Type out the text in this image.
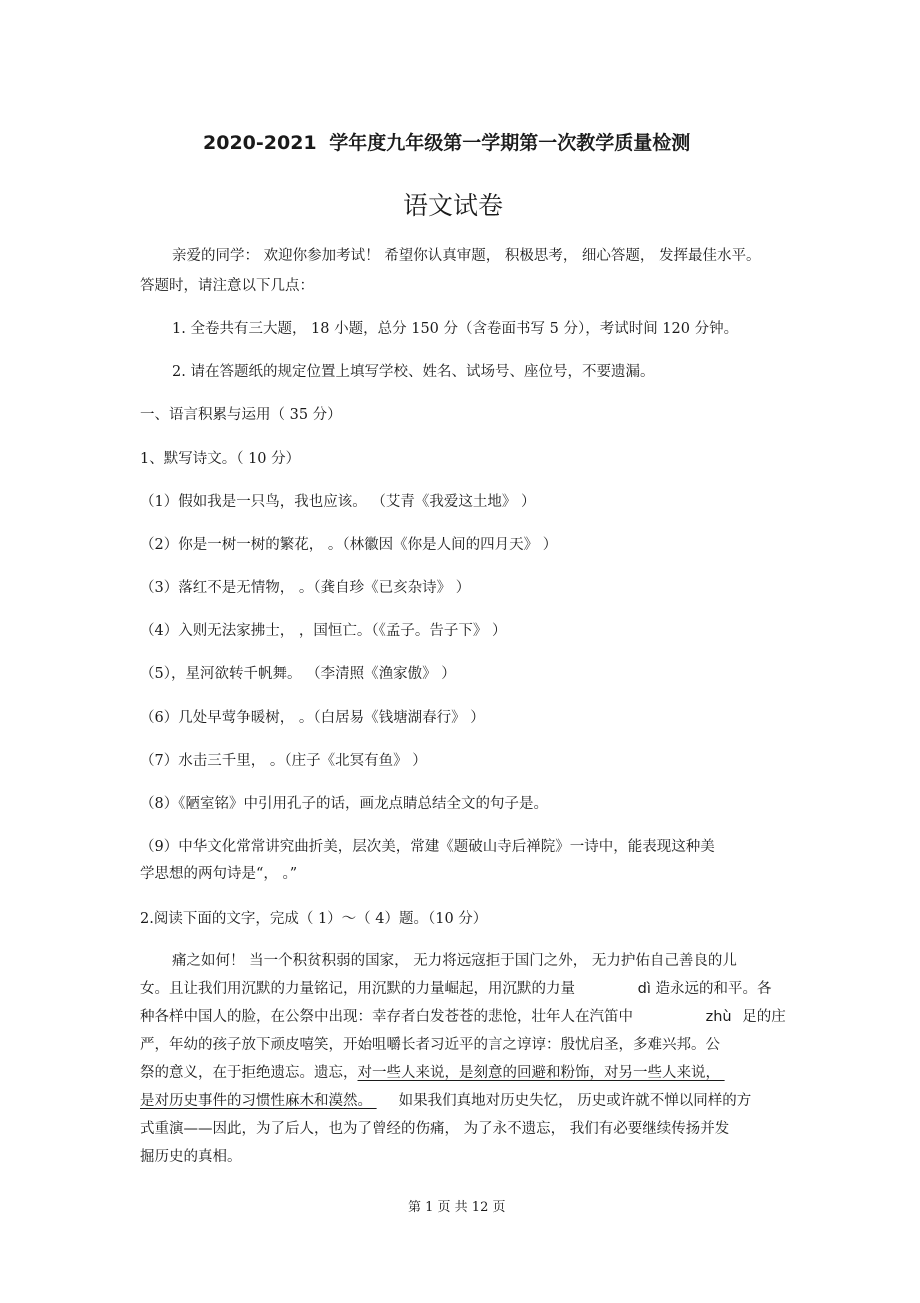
2020-2021 学年度九年级第一学期第一次教学质量检测
语文试卷
亲爱的同学： 欢迎你参加考试！ 希望你认真审题， 积极思考， 细心答题， 发挥最佳水平。
答题时，请注意以下几点：
1. 全卷共有三大题， 18 小题，总分 150 分（含卷面书写 5 分），考试时间 120 分钟。
2. 请在答题纸的规定位置上填写学校、姓名、试场号、座位号，不要遗漏。
一、语言积累与运用（ 35 分）
1、默写诗文。（ 10 分）
（1）假如我是一只鸟，我也应该。 （艾青《我爱这土地》 ）
（2）你是一树一树的繁花， 。（林徽因《你是人间的四月天》 ）
（3）落红不是无情物， 。（龚自珍《已亥杂诗》 ）
（4）入则无法家拂士， ，国恒亡。（《孟子。告子下》 ）
（5），星河欲转千帆舞。 （李清照《渔家傲》 ）
（6）几处早莺争暖树， 。（白居易《钱塘湖春行》 ）
（7）水击三千里， 。（庄子《北冥有鱼》 ）
（8）《陋室铭》中引用孔子的话，画龙点睛总结全文的句子是。
（9）中华文化常常讲究曲折美，层次美，常建《题破山寺后禅院》一诗中，能表现这种美
学思想的两句诗是“， 。”
2.阅读下面的文字，完成（ 1）～（ 4）题。（10 分）
痛之如何！ 当一个积贫积弱的国家， 无力将远寇拒于国门之外， 无力护佑自己善良的儿
女。且让我们用沉默的力量铭记，用沉默的力量崛起，用沉默的力量	dì 造永远的和平。各
种各样中国人的脸，在公祭中出现：幸存者白发苍苍的悲怆，壮年人在汽笛中	zhù 足的庄
严，年幼的孩子放下顽皮嘻笑，开始咀嚼长者习近平的言之谆谆：殷忧启圣，多难兴邦。公
祭的意义，在于拒绝遗忘。遗忘，对一些人来说，是刻意的回避和粉饰，对另一些人来说，
是对历史事件的习惯性麻木和漠然。 如果我们真地对历史失忆， 历史或许就不惮以同样的方
式重演——因此，为了后人，也为了曾经的伤痛， 为了永不遗忘， 我们有必要继续传扬并发
掘历史的真相。
第 1 页 共 12 页
